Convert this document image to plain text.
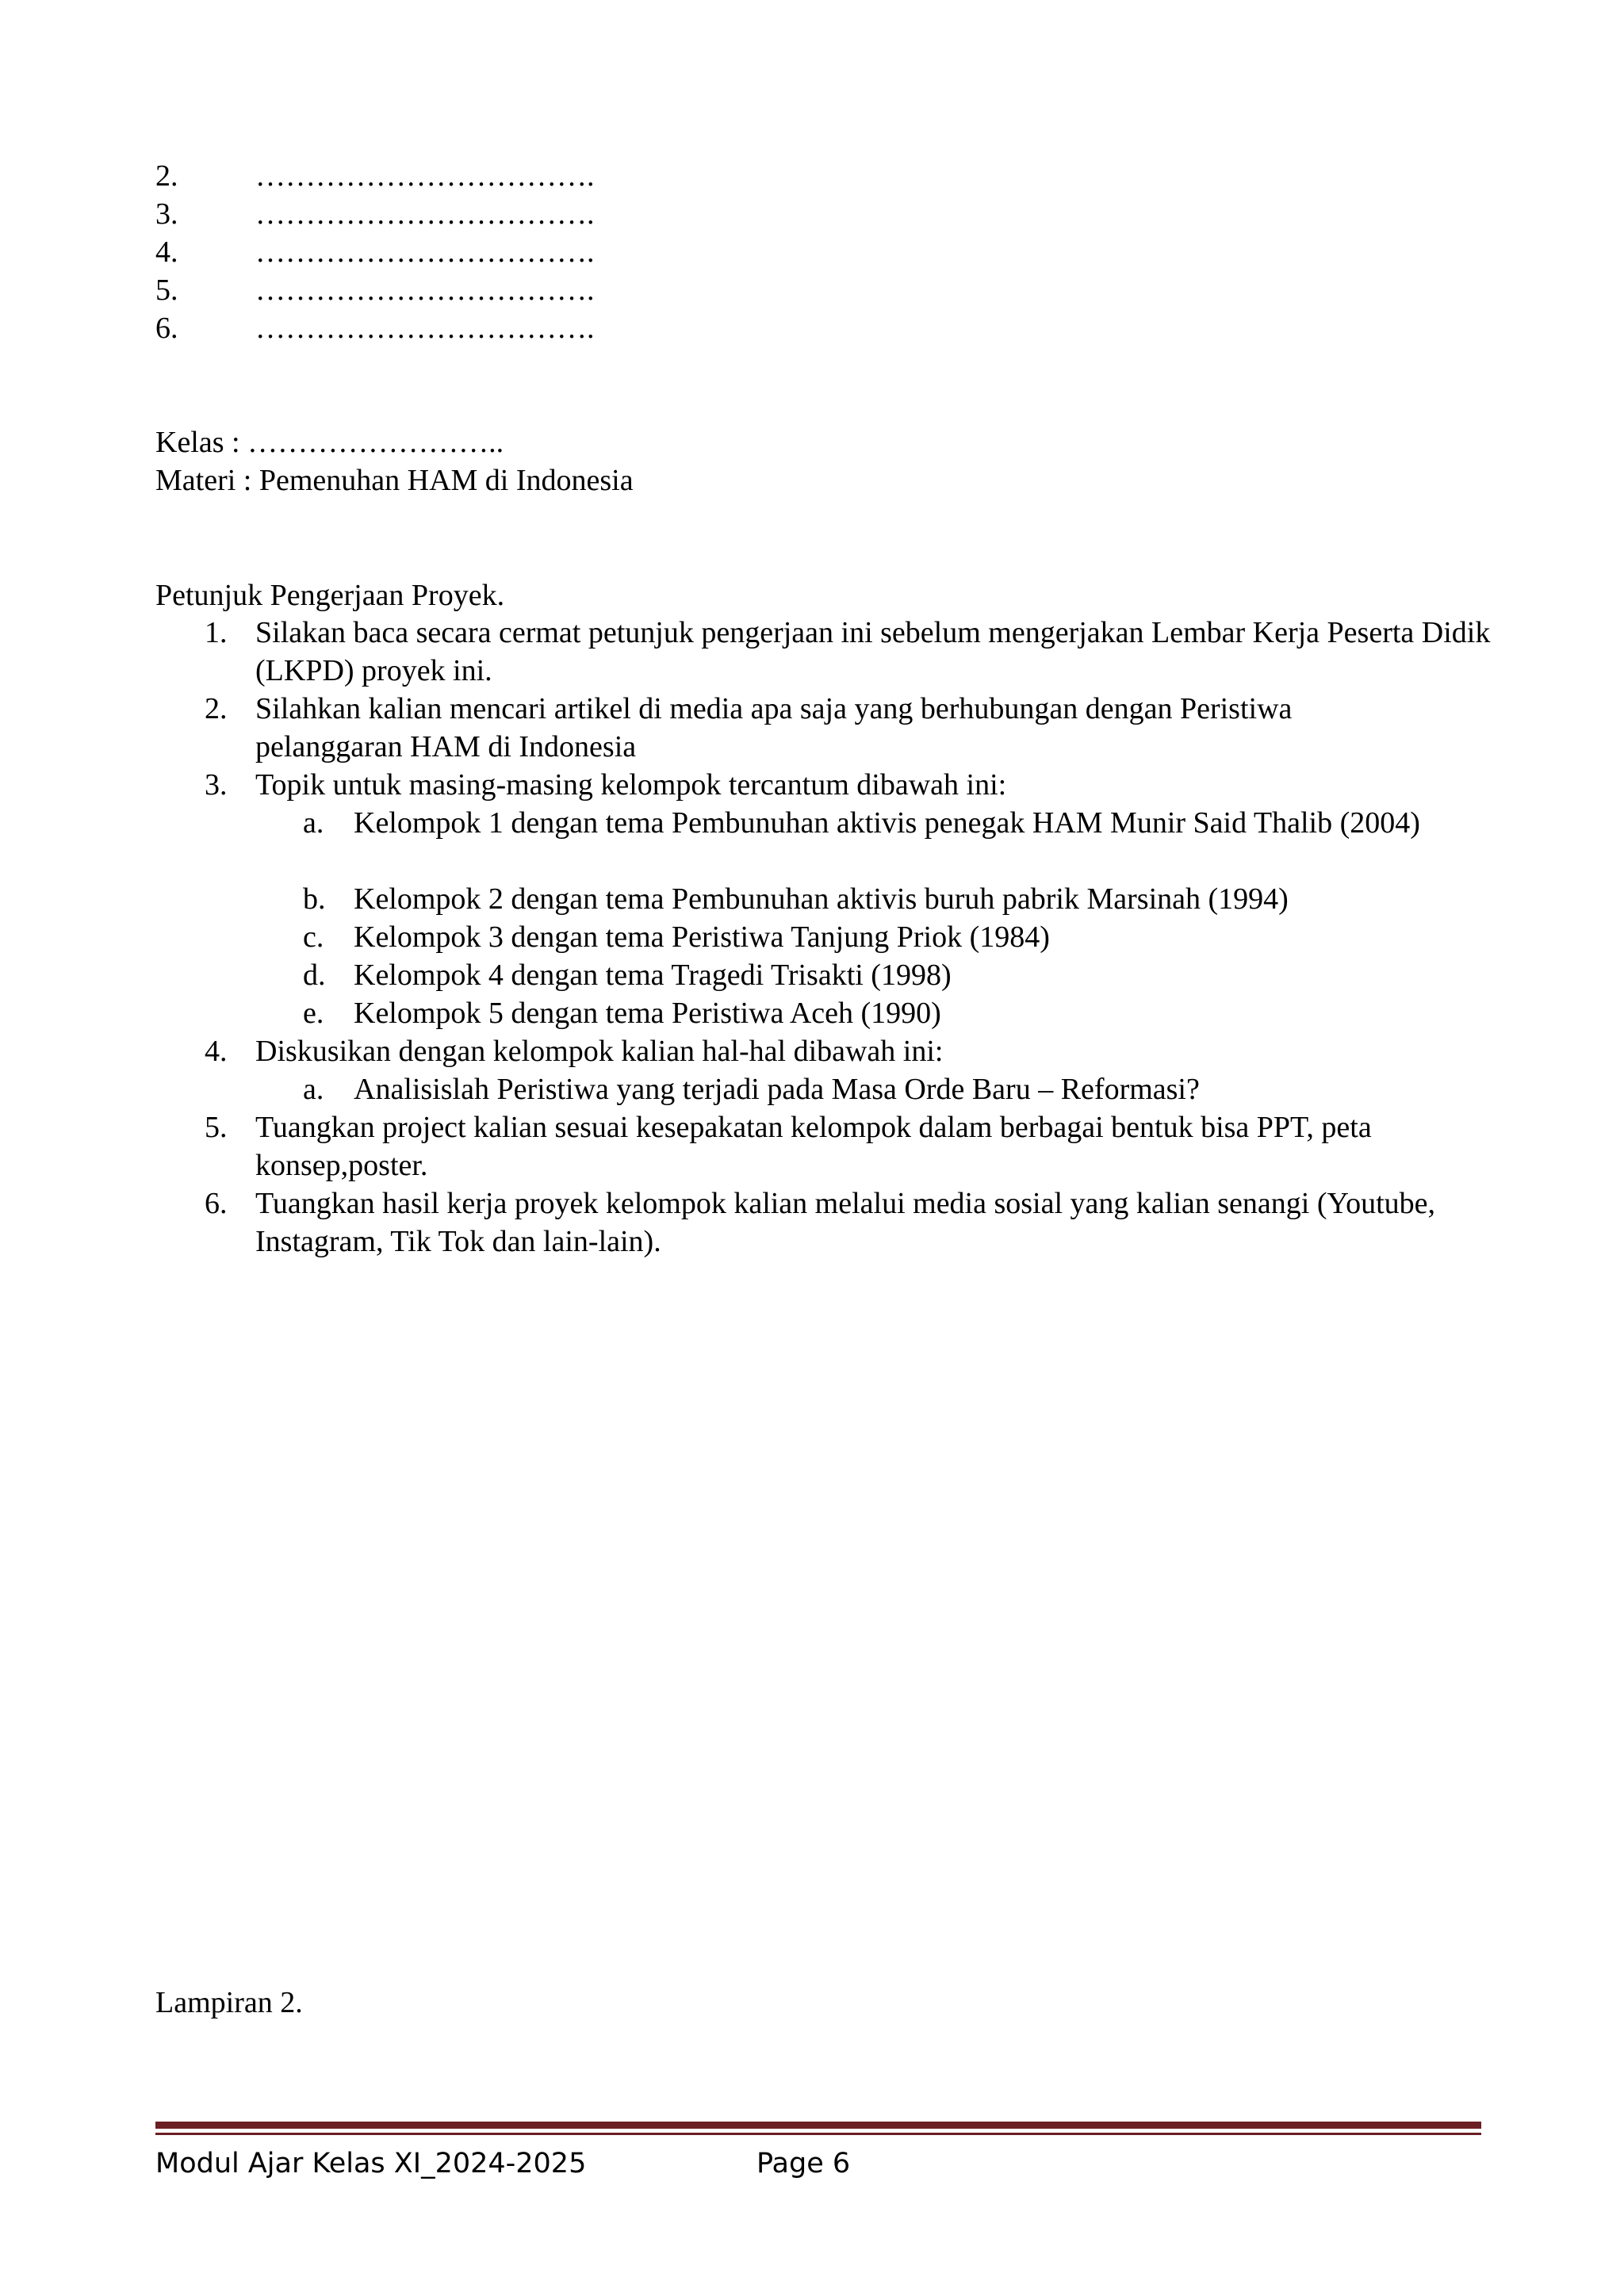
2.	…………………………….
3.	…………………………….
4.	…………………………….
5.	…………………………….
6.	…………………………….
Kelas : ……………………..
Materi : Pemenuhan HAM di Indonesia
Petunjuk Pengerjaan Proyek.
1. Silakan baca secara cermat petunjuk pengerjaan ini sebelum mengerjakan Lembar Kerja Peserta Didik (LKPD) proyek ini.
2. Silahkan kalian mencari artikel di media apa saja yang berhubungan dengan Peristiwa pelanggaran HAM di Indonesia
3. Topik untuk masing-masing kelompok tercantum dibawah ini:
a. Kelompok 1 dengan tema Pembunuhan aktivis penegak HAM Munir Said Thalib (2004)
b. Kelompok 2 dengan tema Pembunuhan aktivis buruh pabrik Marsinah (1994)
c. Kelompok 3 dengan tema Peristiwa Tanjung Priok (1984)
d. Kelompok 4 dengan tema Tragedi Trisakti (1998)
e. Kelompok 5 dengan tema Peristiwa Aceh (1990)
4. Diskusikan dengan kelompok kalian hal-hal dibawah ini:
a. Analisislah Peristiwa yang terjadi pada Masa Orde Baru – Reformasi?
5. Tuangkan project kalian sesuai kesepakatan kelompok dalam berbagai bentuk bisa PPT, peta konsep,poster.
6. Tuangkan hasil kerja proyek kelompok kalian melalui media sosial yang kalian senangi (Youtube, Instagram, Tik Tok dan lain-lain).
Lampiran 2.
Modul Ajar Kelas XI_2024-2025	Page 6
